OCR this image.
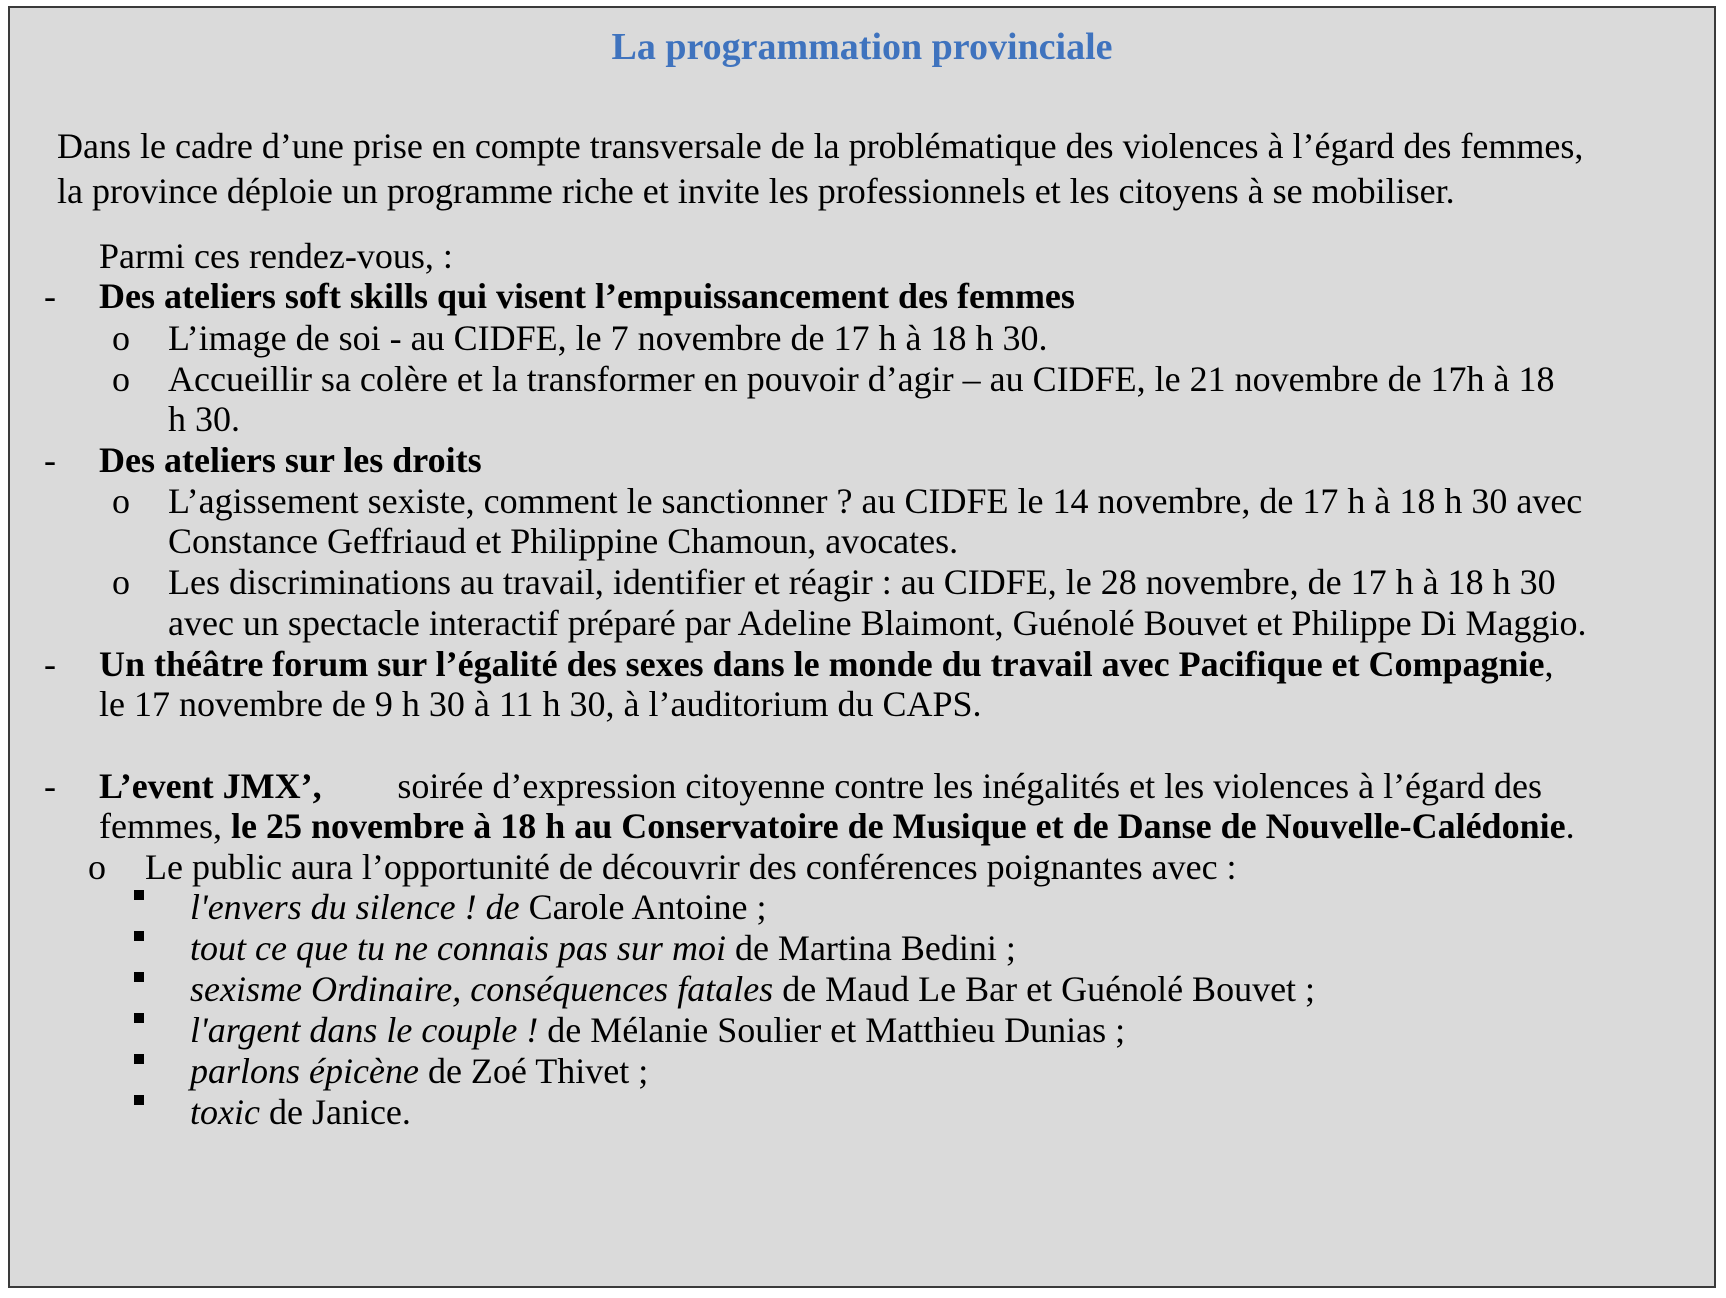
La programmation provinciale
Dans le cadre d’une prise en compte transversale de la problématique des violences à l’égard des femmes,
la province déploie un programme riche et invite les professionnels et les citoyens à se mobiliser.
Parmi ces rendez-vous, :
- Des ateliers soft skills qui visent l’empuissancement des femmes
o L’image de soi - au CIDFE, le 7 novembre de 17 h à 18 h 30.
o Accueillir sa colère et la transformer en pouvoir d’agir – au CIDFE, le 21 novembre de 17h à 18
h 30.
- Des ateliers sur les droits
o L’agissement sexiste, comment le sanctionner ? au CIDFE le 14 novembre, de 17 h à 18 h 30 avec
Constance Geffriaud et Philippine Chamoun, avocates.
o Les discriminations au travail, identifier et réagir : au CIDFE, le 28 novembre, de 17 h à 18 h 30
avec un spectacle interactif préparé par Adeline Blaimont, Guénolé Bouvet et Philippe Di Maggio.
- Un théâtre forum sur l’égalité des sexes dans le monde du travail avec Pacifique et Compagnie,
le 17 novembre de 9 h 30 à 11 h 30, à l’auditorium du CAPS.
- L’event JMX’, soirée d’expression citoyenne contre les inégalités et les violences à l’égard des
femmes, le 25 novembre à 18 h au Conservatoire de Musique et de Danse de Nouvelle-Calédonie.
o Le public aura l’opportunité de découvrir des conférences poignantes avec :
l'envers du silence ! de Carole Antoine ;
tout ce que tu ne connais pas sur moi de Martina Bedini ;
sexisme Ordinaire, conséquences fatales de Maud Le Bar et Guénolé Bouvet ;
l'argent dans le couple ! de Mélanie Soulier et Matthieu Dunias ;
parlons épicène de Zoé Thivet ;
toxic de Janice.
